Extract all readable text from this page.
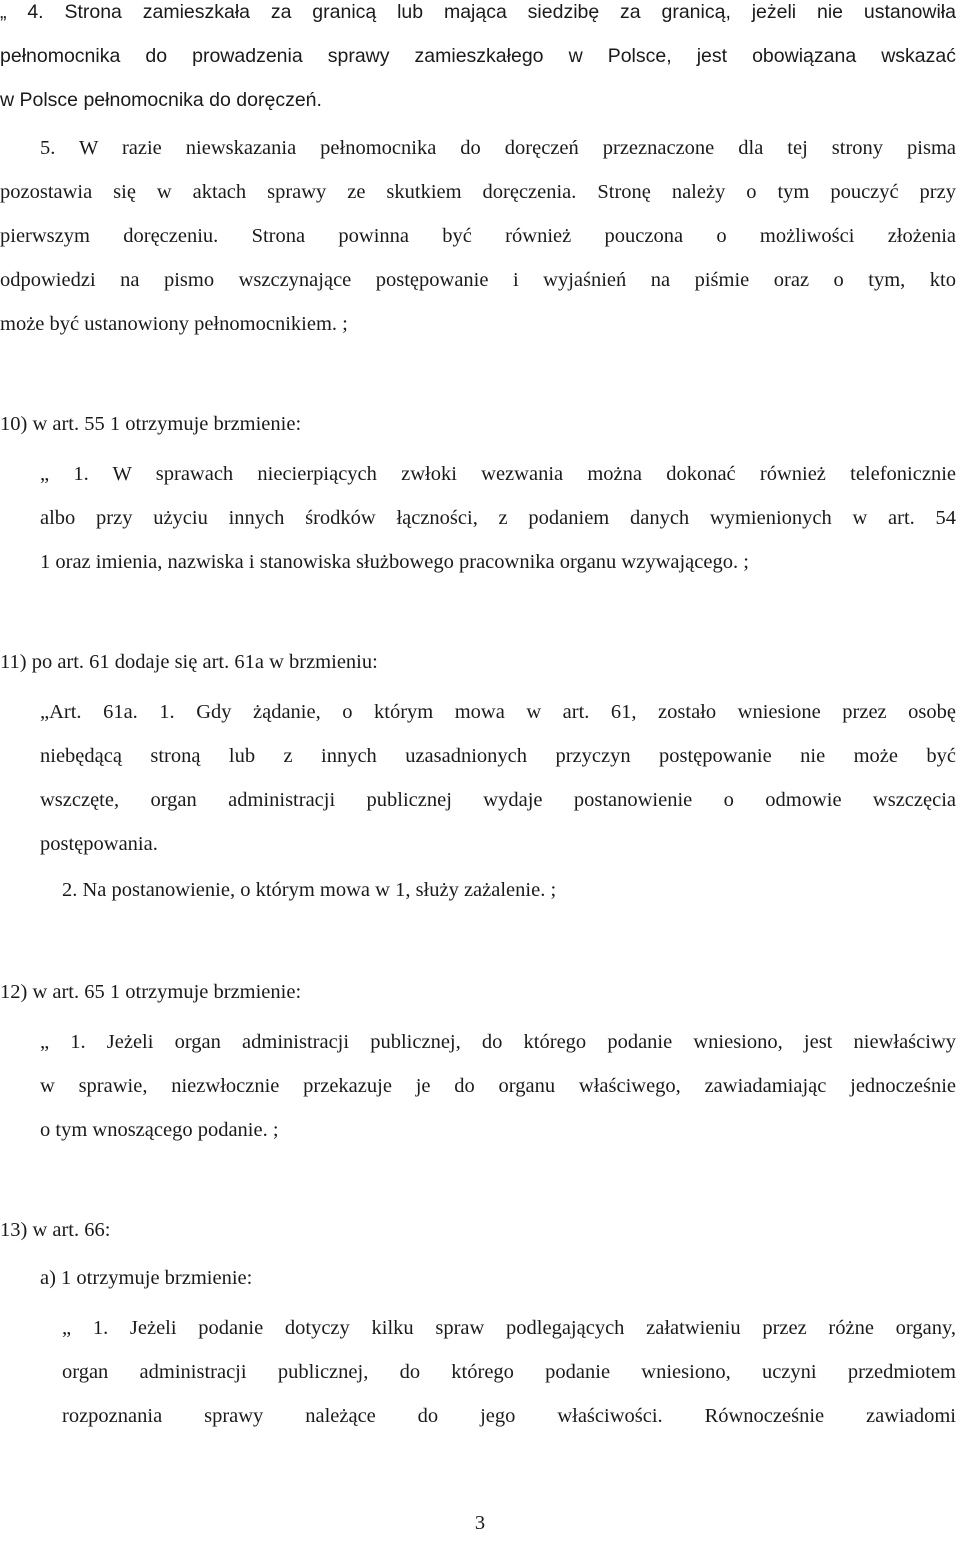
„ 4. Strona zamieszkała za granicą lub mająca siedzibę za granicą, jeżeli nie ustanowiła
pełnomocnika do prowadzenia sprawy zamieszkałego w Polsce, jest obowiązana wskazać
w Polsce pełnomocnika do doręczeń.
5. W razie niewskazania pełnomocnika do doręczeń przeznaczone dla tej strony pisma
pozostawia się w aktach sprawy ze skutkiem doręczenia. Stronę należy o tym pouczyć przy
pierwszym doręczeniu. Strona powinna być również pouczona o możliwości złożenia
odpowiedzi na pismo wszczynające postępowanie i wyjaśnień na piśmie oraz o tym, kto
może być ustanowiony pełnomocnikiem. ;
10) w art. 55 1 otrzymuje brzmienie:
„ 1. W sprawach niecierpiących zwłoki wezwania można dokonać również telefonicznie
albo przy użyciu innych środków łączności, z podaniem danych wymienionych w art. 54
1 oraz imienia, nazwiska i stanowiska służbowego pracownika organu wzywającego. ;
11) po art. 61 dodaje się art. 61a w brzmieniu:
„Art. 61a. 1. Gdy żądanie, o którym mowa w art. 61, zostało wniesione przez osobę
niebędącą stroną lub z innych uzasadnionych przyczyn postępowanie nie może być
wszczęte, organ administracji publicznej wydaje postanowienie o odmowie wszczęcia
postępowania.
2. Na postanowienie, o którym mowa w 1, służy zażalenie. ;
12) w art. 65 1 otrzymuje brzmienie:
„ 1. Jeżeli organ administracji publicznej, do którego podanie wniesiono, jest niewłaściwy
w sprawie, niezwłocznie przekazuje je do organu właściwego, zawiadamiając jednocześnie
o tym wnoszącego podanie. ;
13) w art. 66:
a) 1 otrzymuje brzmienie:
„ 1. Jeżeli podanie dotyczy kilku spraw podlegających załatwieniu przez różne organy,
organ administracji publicznej, do którego podanie wniesiono, uczyni przedmiotem
rozpoznania sprawy należące do jego właściwości. Równocześnie zawiadomi
3
